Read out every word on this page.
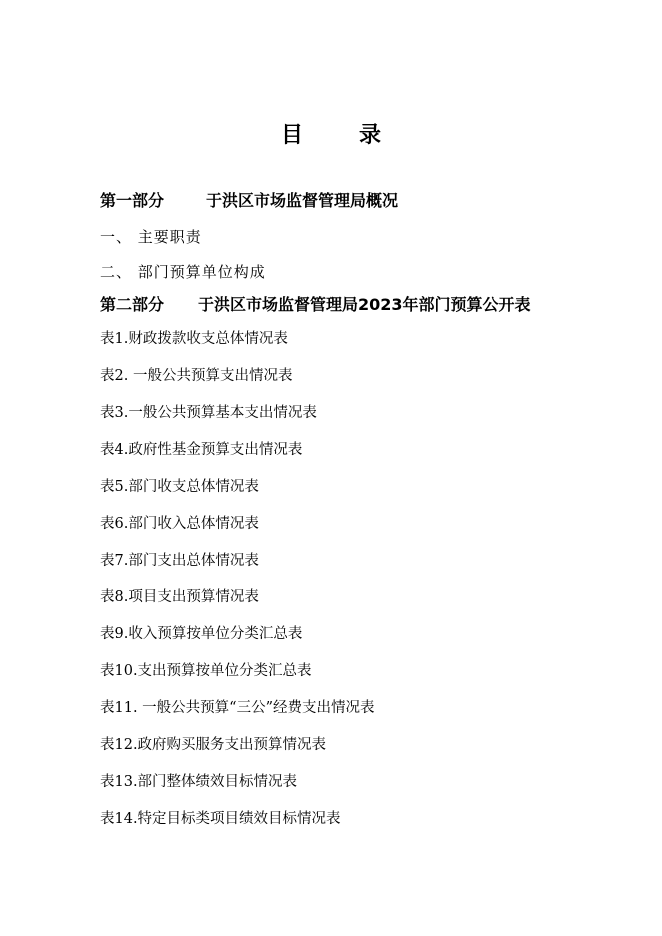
目	录
第一部分	于洪区市场监督管理局概况
一、 主要职责
二、 部门预算单位构成
第二部分 于洪区市场监督管理局2023年部门预算公开表
表1.财政拨款收支总体情况表
表2. 一般公共预算支出情况表
表3.一般公共预算基本支出情况表
表4.政府性基金预算支出情况表
表5.部门收支总体情况表
表6.部门收入总体情况表
表7.部门支出总体情况表
表8.项目支出预算情况表
表9.收入预算按单位分类汇总表
表10.支出预算按单位分类汇总表
表11. 一般公共预算“三公”经费支出情况表
表12.政府购买服务支出预算情况表
表13.部门整体绩效目标情况表
表14.特定目标类项目绩效目标情况表
